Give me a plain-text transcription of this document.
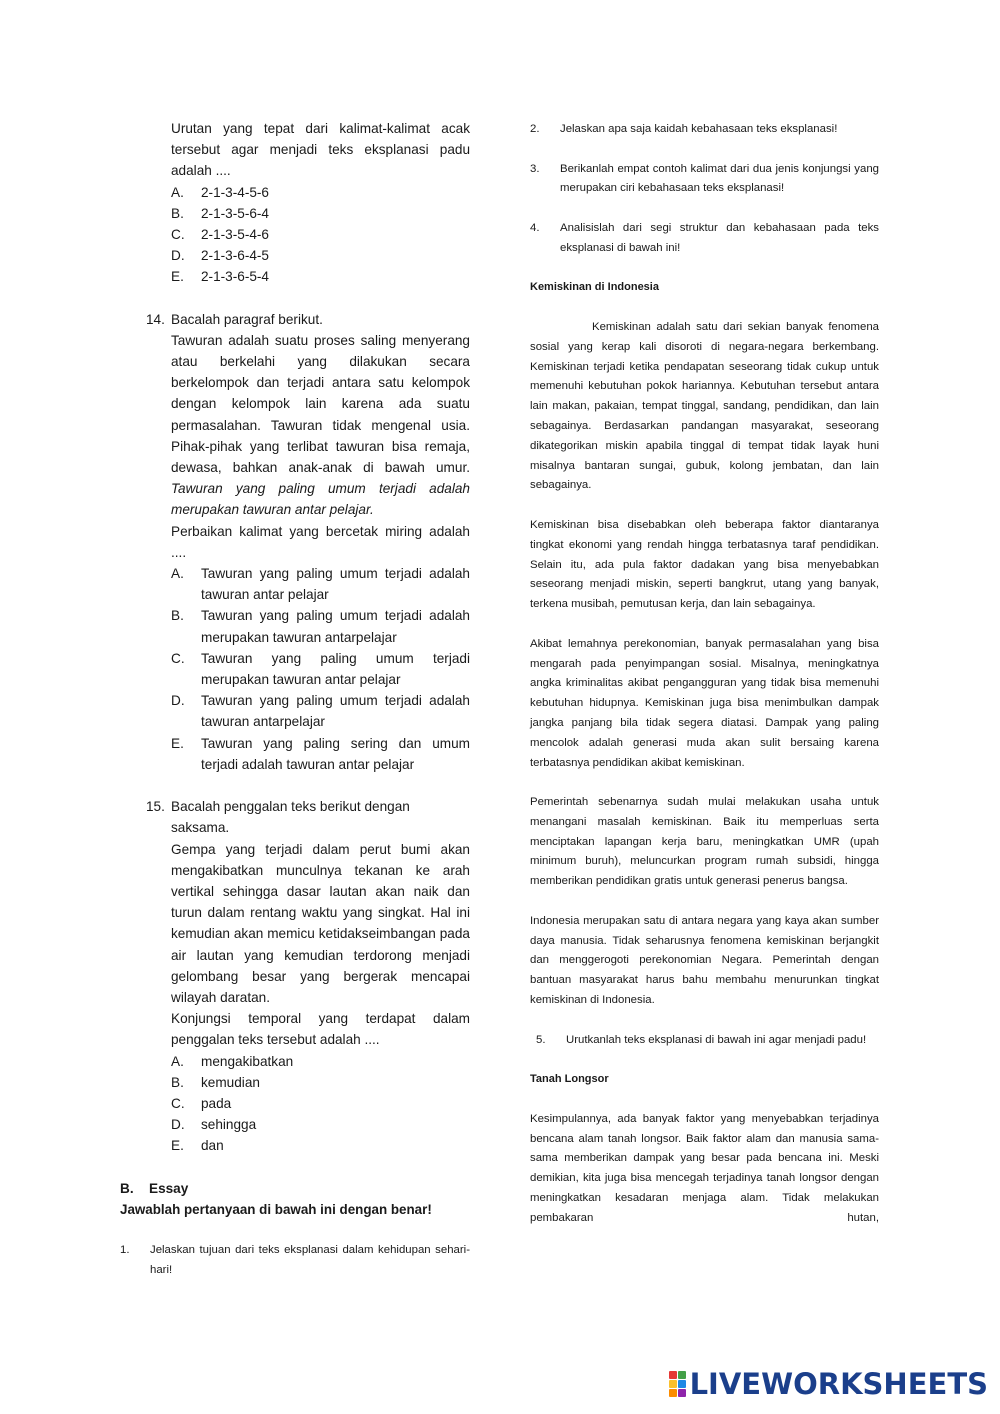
Urutan yang tepat dari kalimat-kalimat acak tersebut agar menjadi teks eksplanasi padu adalah ....
A. 2-1-3-4-5-6
B. 2-1-3-5-6-4
C. 2-1-3-5-4-6
D. 2-1-3-6-4-5
E. 2-1-3-6-5-4
14. Bacalah paragraf berikut.
Tawuran adalah suatu proses saling menyerang atau berkelahi yang dilakukan secara berkelompok dan terjadi antara satu kelompok dengan kelompok lain karena ada suatu permasalahan. Tawuran tidak mengenal usia. Pihak-pihak yang terlibat tawuran bisa remaja, dewasa, bahkan anak-anak di bawah umur. Tawuran yang paling umum terjadi adalah merupakan tawuran antar pelajar.
Perbaikan kalimat yang bercetak miring adalah ....
A. Tawuran yang paling umum terjadi adalah tawuran antar pelajar
B. Tawuran yang paling umum terjadi adalah merupakan tawuran antarpelajar
C. Tawuran yang paling umum terjadi merupakan tawuran antar pelajar
D. Tawuran yang paling umum terjadi adalah tawuran antarpelajar
E. Tawuran yang paling sering dan umum terjadi adalah tawuran antar pelajar
15. Bacalah penggalan teks berikut dengan saksama.
Gempa yang terjadi dalam perut bumi akan mengakibatkan munculnya tekanan ke arah vertikal sehingga dasar lautan akan naik dan turun dalam rentang waktu yang singkat. Hal ini kemudian akan memicu ketidakseimbangan pada air lautan yang kemudian terdorong menjadi gelombang besar yang bergerak mencapai wilayah daratan.
Konjungsi temporal yang terdapat dalam penggalan teks tersebut adalah ....
A. mengakibatkan
B. kemudian
C. pada
D. sehingga
E. dan
B. Essay
Jawablah pertanyaan di bawah ini dengan benar!
1. Jelaskan tujuan dari teks eksplanasi dalam kehidupan sehari-hari!
2. Jelaskan apa saja kaidah kebahasaan teks eksplanasi!
3. Berikanlah empat contoh kalimat dari dua jenis konjungsi yang merupakan ciri kebahasaan teks eksplanasi!
4. Analisislah dari segi struktur dan kebahasaan pada teks eksplanasi di bawah ini!
Kemiskinan di Indonesia
Kemiskinan adalah satu dari sekian banyak fenomena sosial yang kerap kali disoroti di negara-negara berkembang. Kemiskinan terjadi ketika pendapatan seseorang tidak cukup untuk memenuhi kebutuhan pokok hariannya. Kebutuhan tersebut antara lain makan, pakaian, tempat tinggal, sandang, pendidikan, dan lain sebagainya. Berdasarkan pandangan masyarakat, seseorang dikategorikan miskin apabila tinggal di tempat tidak layak huni misalnya bantaran sungai, gubuk, kolong jembatan, dan lain sebagainya.
Kemiskinan bisa disebabkan oleh beberapa faktor diantaranya tingkat ekonomi yang rendah hingga terbatasnya taraf pendidikan. Selain itu, ada pula faktor dadakan yang bisa menyebabkan seseorang menjadi miskin, seperti bangkrut, utang yang banyak, terkena musibah, pemutusan kerja, dan lain sebagainya.
Akibat lemahnya perekonomian, banyak permasalahan yang bisa mengarah pada penyimpangan sosial. Misalnya, meningkatnya angka kriminalitas akibat pengangguran yang tidak bisa memenuhi kebutuhan hidupnya. Kemiskinan juga bisa menimbulkan dampak jangka panjang bila tidak segera diatasi. Dampak yang paling mencolok adalah generasi muda akan sulit bersaing karena terbatasnya pendidikan akibat kemiskinan.
Pemerintah sebenarnya sudah mulai melakukan usaha untuk menangani masalah kemiskinan. Baik itu memperluas serta menciptakan lapangan kerja baru, meningkatkan UMR (upah minimum buruh), meluncurkan program rumah subsidi, hingga memberikan pendidikan gratis untuk generasi penerus bangsa.
Indonesia merupakan satu di antara negara yang kaya akan sumber daya manusia. Tidak seharusnya fenomena kemiskinan berjangkit dan menggerogoti perekonomian Negara. Pemerintah dengan bantuan masyarakat harus bahu membahu menurunkan tingkat kemiskinan di Indonesia.
5. Urutkanlah teks eksplanasi di bawah ini agar menjadi padu!
Tanah Longsor
Kesimpulannya, ada banyak faktor yang menyebabkan terjadinya bencana alam tanah longsor. Baik faktor alam dan manusia sama-sama memberikan dampak yang besar pada bencana ini. Meski demikian, kita juga bisa mencegah terjadinya tanah longsor dengan meningkatkan kesadaran menjaga alam. Tidak melakukan pembakaran hutan,
LIVEWORKSHEETS
